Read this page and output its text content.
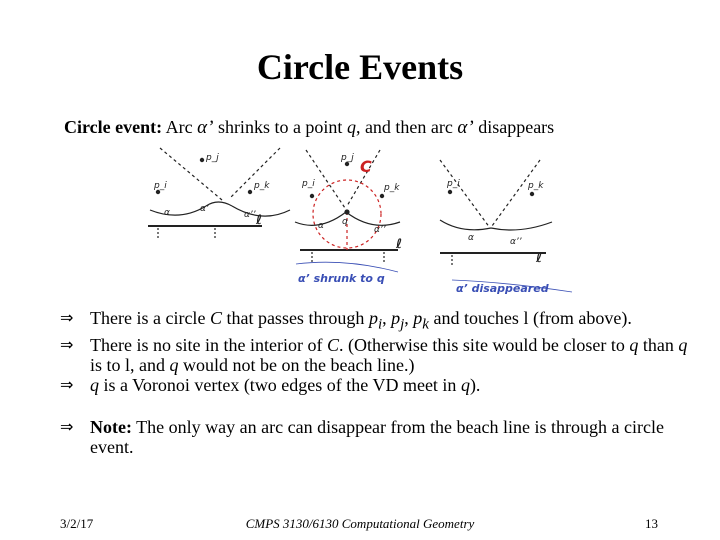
Circle Events
Circle event: Arc α’ shrinks to a point q, and then arc α’ disappears
p_j
p_i	p_k
α	α’
α’’ ℓ
p_j C
p_i	p_k
q
α	α’’
ℓ
α’ shrunk to q
p_i	p_k
α	α’’
ℓ
α’ disappeared
⇒ There is a circle C that passes through $p_i$, $p_j$, $p_k$ and touches l (from above).
⇒ There is no site in the interior of C. (Otherwise this site would be closer to q than q is to l, and q would not be on the beach line.)
⇒ q is a Voronoi vertex (two edges of the VD meet in q).
⇒ Note: The only way an arc can disappear from the beach line is through a circle event.
CMPS 3130/6130 Computational Geometry
3/2/17	13
